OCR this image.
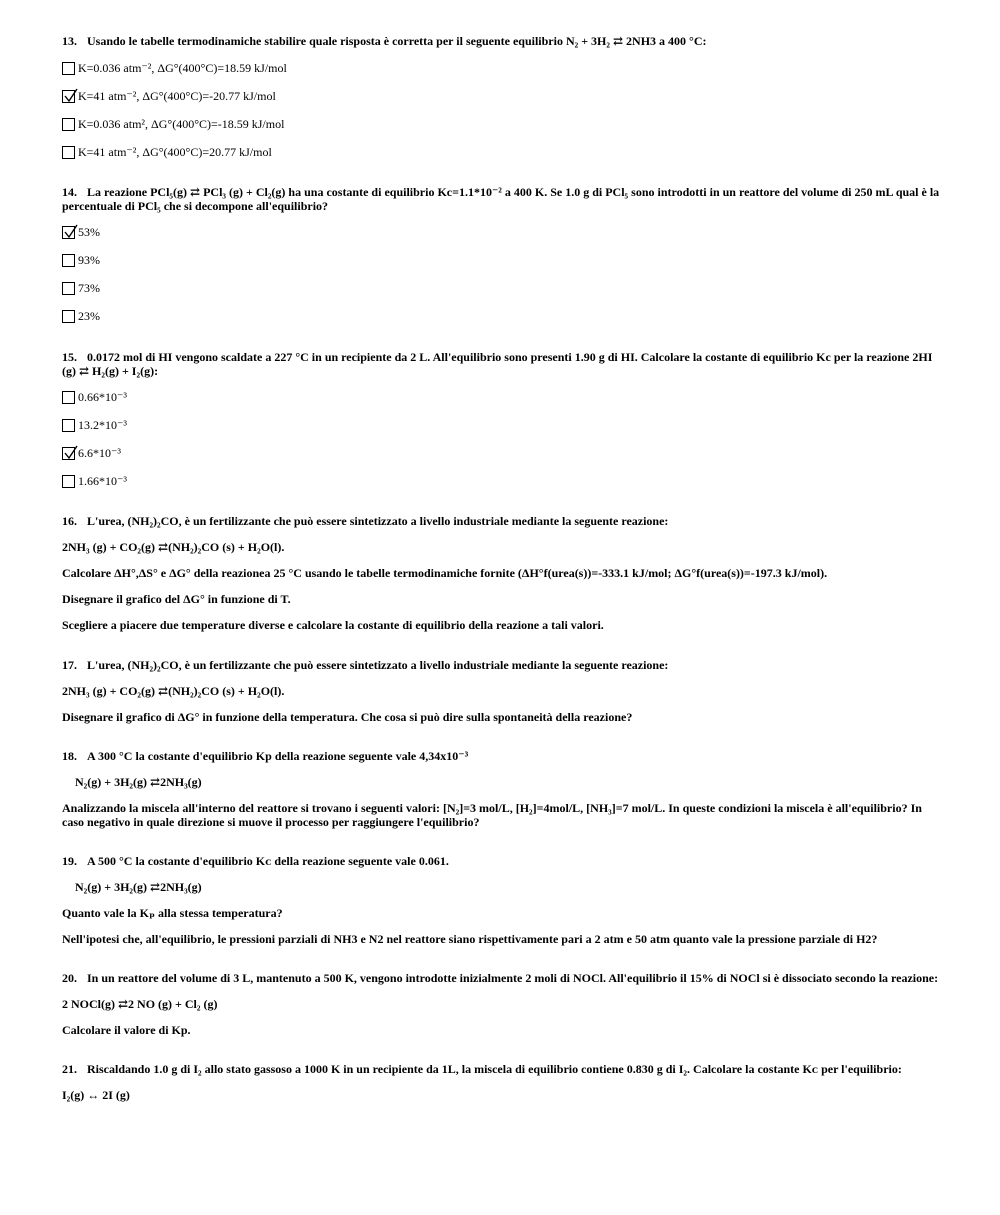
13. Usando le tabelle termodinamiche stabilire quale risposta è corretta per il seguente equilibrio N₂ + 3H₂ ⇄ 2NH3 a 400 °C:
K=0.036 atm⁻², ΔG°(400°C)=18.59 kJ/mol
K=41 atm⁻², ΔG°(400°C)=-20.77 kJ/mol
K=0.036 atm², ΔG°(400°C)=-18.59 kJ/mol
K=41 atm⁻², ΔG°(400°C)=20.77 kJ/mol
14. La reazione PCl₅(g) ⇄ PCl₃ (g) + Cl₂(g) ha una costante di equilibrio Kc=1.1*10⁻² a 400 K. Se 1.0 g di PCl₅ sono introdotti in un reattore del volume di 250 mL qual è la percentuale di PCl₅ che si decompone all'equilibrio?
53%
93%
73%
23%
15. 0.0172 mol di HI vengono scaldate a 227 °C in un recipiente da 2 L. All'equilibrio sono presenti 1.90 g di HI. Calcolare la costante di equilibrio Kc per la reazione 2HI (g) ⇄ H₂(g) + I₂(g):
0.66*10⁻³
13.2*10⁻³
6.6*10⁻³
1.66*10⁻³
16. L'urea, (NH₂)₂CO, è un fertilizzante che può essere sintetizzato a livello industriale mediante la seguente reazione:
2NH₃ (g) + CO₂(g) ⇄(NH₂)₂CO (s) + H₂O(l).
Calcolare ΔH°,ΔS° e ΔG° della reazionea 25 °C usando le tabelle termodinamiche fornite (ΔH°f(urea(s))=-333.1 kJ/mol; ΔG°f(urea(s))=-197.3 kJ/mol).
Disegnare il grafico del ΔG° in funzione di T.
Scegliere a piacere due temperature diverse e calcolare la costante di equilibrio della reazione a tali valori.
17. L'urea, (NH₂)₂CO, è un fertilizzante che può essere sintetizzato a livello industriale mediante la seguente reazione:
2NH₃ (g) + CO₂(g) ⇄(NH₂)₂CO (s) + H₂O(l).
Disegnare il grafico di ΔG° in funzione della temperatura. Che cosa si può dire sulla spontaneità della reazione?
18. A 300 °C la costante d'equilibrio Kp della reazione seguente vale 4,34x10⁻³
N₂(g) + 3H₂(g) ⇄2NH₃(g)
Analizzando la miscela all'interno del reattore si trovano i seguenti valori: [N₂]=3 mol/L, [H₂]=4mol/L, [NH₃]=7 mol/L. In queste condizioni la miscela è all'equilibrio? In caso negativo in quale direzione si muove il processo per raggiungere l'equilibrio?
19. A 500 °C la costante d'equilibrio Kᴄ della reazione seguente vale 0.061.
N₂(g) + 3H₂(g) ⇄2NH₃(g)
Quanto vale la Kₚ alla stessa temperatura?
Nell'ipotesi che, all'equilibrio, le pressioni parziali di NH3 e N2 nel reattore siano rispettivamente pari a 2 atm e 50 atm quanto vale la pressione parziale di H2?
20. In un reattore del volume di 3 L, mantenuto a 500 K, vengono introdotte inizialmente 2 moli di NOCl. All'equilibrio il 15% di NOCl si è dissociato secondo la reazione:
2 NOCl(g) ⇄2 NO (g) + Cl₂ (g)
Calcolare il valore di Kp.
21. Riscaldando 1.0 g di I₂ allo stato gassoso a 1000 K in un recipiente da 1L, la miscela di equilibrio contiene 0.830 g di I₂. Calcolare la costante Kᴄ per l'equilibrio:
I₂(g) ↔ 2I (g)
